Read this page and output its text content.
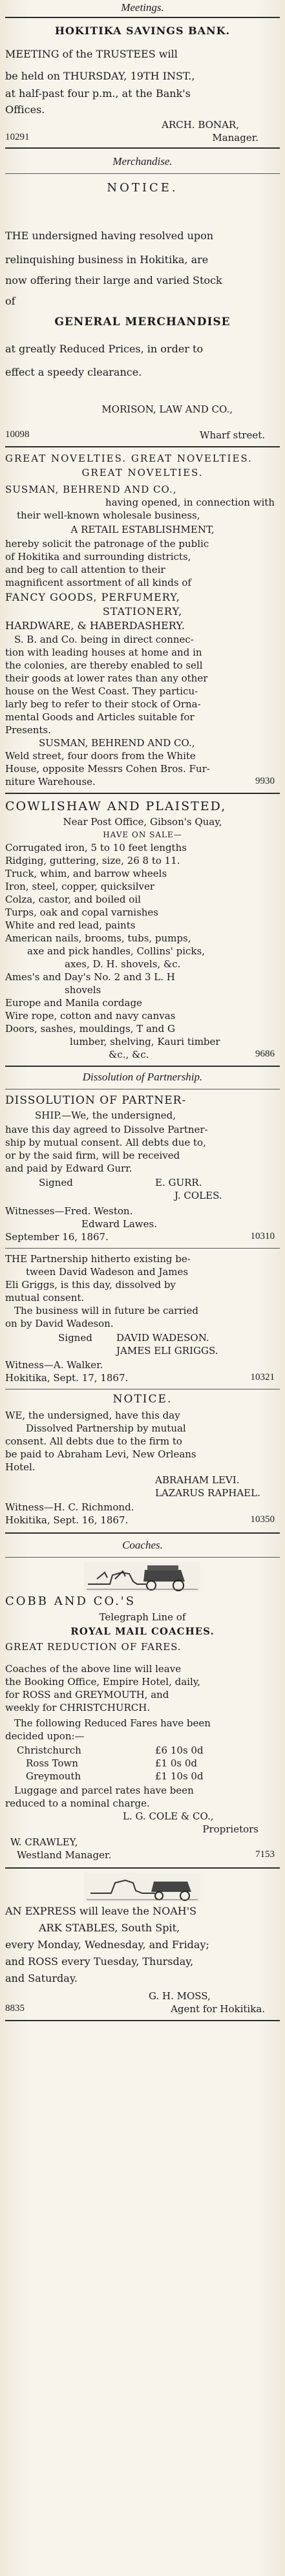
Meetings.
HOKITIKA SAVINGS BANK.
MEETING of the TRUSTEES will
be held on THURSDAY, 19TH INST.,
at half-past four p.m., at the Bank's
Offices.
ARCH. BONAR,
10291	Manager.
Merchandise.
NOTICE.
THE undersigned having resolved upon
relinquishing business in Hokitika, are
now offering their large and varied Stock
of
GENERAL MERCHANDISE
at greatly Reduced Prices, in order to
effect a speedy clearance.
MORISON, LAW AND CO.,
10098	Wharf street.
GREAT NOVELTIES. GREAT NOVELTIES.
GREAT NOVELTIES.
SUSMAN, BEHREND AND CO.,
having opened, in connection with
their well-known wholesale business,
A RETAIL ESTABLISHMENT,
hereby solicit the patronage of the public
of Hokitika and surrounding districts,
and beg to call attention to their
magnificent assortment of all kinds of
FANCY GOODS, PERFUMERY,
STATIONERY,
HARDWARE, & HABERDASHERY.
S. B. and Co. being in direct connec-
tion with leading houses at home and in
the colonies, are thereby enabled to sell
their goods at lower rates than any other
house on the West Coast. They particu-
larly beg to refer to their stock of Orna-
mental Goods and Articles suitable for
Presents.
SUSMAN, BEHREND AND CO.,
Weld street, four doors from the White
House, opposite Messrs Cohen Bros. Fur-
niture Warehouse.	9930
COWLISHAW AND PLAISTED,
Near Post Office, Gibson's Quay,
HAVE ON SALE—
Corrugated iron, 5 to 10 feet lengths
Ridging, guttering, size, 26 8 to 11.
Truck, whim, and barrow wheels
Iron, steel, copper, quicksilver
Colza, castor, and boiled oil
Turps, oak and copal varnishes
White and red lead, paints
American nails, brooms, tubs, pumps,
axe and pick handles, Collins' picks,
axes, D. H. shovels, &c.
Ames's and Day's No. 2 and 3 L. H
shovels
Europe and Manila cordage
Wire rope, cotton and navy canvas
Doors, sashes, mouldings, T and G
lumber, shelving, Kauri timber
&c., &c.	9686
Dissolution of Partnership.
DISSOLUTION OF PARTNER-
SHIP.—We, the undersigned,
have this day agreed to Dissolve Partner-
ship by mutual consent. All debts due to,
or by the said firm, will be received
and paid by Edward Gurr.
Signed	E. GURR.
J. COLES.
Witnesses—Fred. Weston.
Edward Lawes.
September 16, 1867.	10310
THE Partnership hitherto existing be-
tween David Wadeson and James
Eli Griggs, is this day, dissolved by
mutual consent.
The business will in future be carried
on by David Wadeson.
Signed	DAVID WADESON.
JAMES ELI GRIGGS.
Witness—A. Walker.
Hokitika, Sept. 17, 1867.	10321
NOTICE.
WE, the undersigned, have this day
Dissolved Partnership by mutual
consent. All debts due to the firm to
be paid to Abraham Levi, New Orleans
Hotel.
ABRAHAM LEVI.
LAZARUS RAPHAEL.
Witness—H. C. Richmond.
Hokitika, Sept. 16, 1867.	10350
Coaches.
COBB AND CO.'S
Telegraph Line of
ROYAL MAIL COACHES.
GREAT REDUCTION OF FARES.
Coaches of the above line will leave
the Booking Office, Empire Hotel, daily,
for ROSS and GREYMOUTH, and
weekly for CHRISTCHURCH.
The following Reduced Fares have been
decided upon:—
Christchurch	£6 10s 0d
Ross Town	£1 0s 0d
Greymouth	£1 10s 0d
Luggage and parcel rates have been
reduced to a nominal charge.
L. G. COLE & CO.,
Proprietors
W. CRAWLEY,
Westland Manager.	7153
AN EXPRESS will leave the NOAH'S
ARK STABLES, South Spit,
every Monday, Wednesday, and Friday;
and ROSS every Tuesday, Thursday,
and Saturday.
G. H. MOSS,
8835	Agent for Hokitika.
